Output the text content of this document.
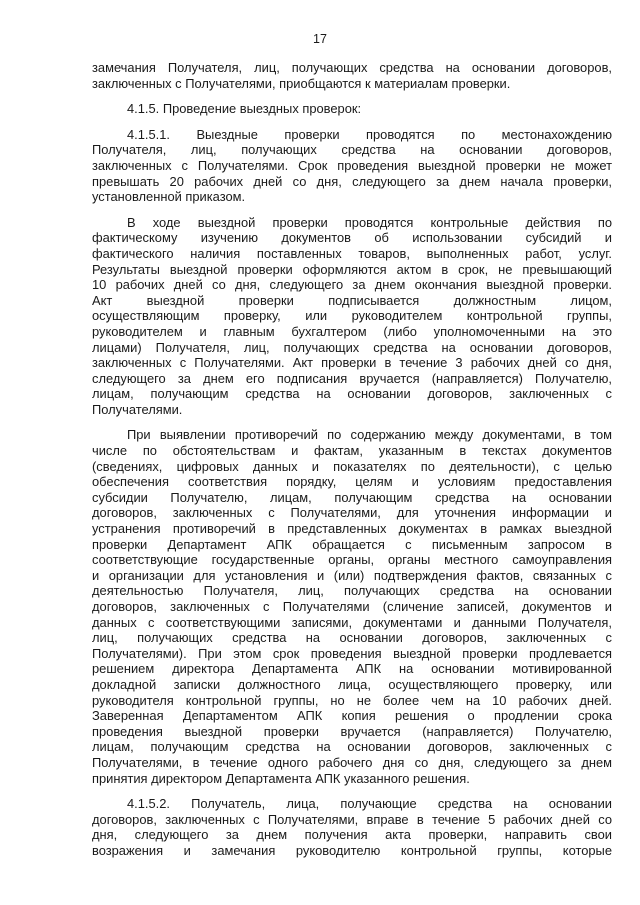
17
замечания Получателя, лиц, получающих средства на основании договоров,
заключенных с Получателями, приобщаются к материалам проверки.
4.1.5. Проведение выездных проверок:
4.1.5.1. Выездные проверки проводятся по местонахождению
Получателя, лиц, получающих средства на основании договоров,
заключенных с Получателями. Срок проведения выездной проверки не может
превышать 20 рабочих дней со дня, следующего за днем начала проверки,
установленной приказом.
В ходе выездной проверки проводятся контрольные действия по
фактическому изучению документов об использовании субсидий и
фактического наличия поставленных товаров, выполненных работ, услуг.
Результаты выездной проверки оформляются актом в срок, не превышающий
10 рабочих дней со дня, следующего за днем окончания выездной проверки.
Акт выездной проверки подписывается должностным лицом,
осуществляющим проверку, или руководителем контрольной группы,
руководителем и главным бухгалтером (либо уполномоченными на это
лицами) Получателя, лиц, получающих средства на основании договоров,
заключенных с Получателями. Акт проверки в течение 3 рабочих дней со дня,
следующего за днем его подписания вручается (направляется) Получателю,
лицам, получающим средства на основании договоров, заключенных с
Получателями.
При выявлении противоречий по содержанию между документами, в том
числе по обстоятельствам и фактам, указанным в текстах документов
(сведениях, цифровых данных и показателях по деятельности), с целью
обеспечения соответствия порядку, целям и условиям предоставления
субсидии Получателю, лицам, получающим средства на основании
договоров, заключенных с Получателями, для уточнения информации и
устранения противоречий в представленных документах в рамках выездной
проверки Департамент АПК обращается с письменным запросом в
соответствующие государственные органы, органы местного самоуправления
и организации для установления и (или) подтверждения фактов, связанных с
деятельностью Получателя, лиц, получающих средства на основании
договоров, заключенных с Получателями (сличение записей, документов и
данных с соответствующими записями, документами и данными Получателя,
лиц, получающих средства на основании договоров, заключенных с
Получателями). При этом срок проведения выездной проверки продлевается
решением директора Департамента АПК на основании мотивированной
докладной записки должностного лица, осуществляющего проверку, или
руководителя контрольной группы, но не более чем на 10 рабочих дней.
Заверенная Департаментом АПК копия решения о продлении срока
проведения выездной проверки вручается (направляется) Получателю,
лицам, получающим средства на основании договоров, заключенных с
Получателями, в течение одного рабочего дня со дня, следующего за днем
принятия директором Департамента АПК указанного решения.
4.1.5.2. Получатель, лица, получающие средства на основании
договоров, заключенных с Получателями, вправе в течение 5 рабочих дней со
дня, следующего за днем получения акта проверки, направить свои
возражения и замечания руководителю контрольной группы, которые
